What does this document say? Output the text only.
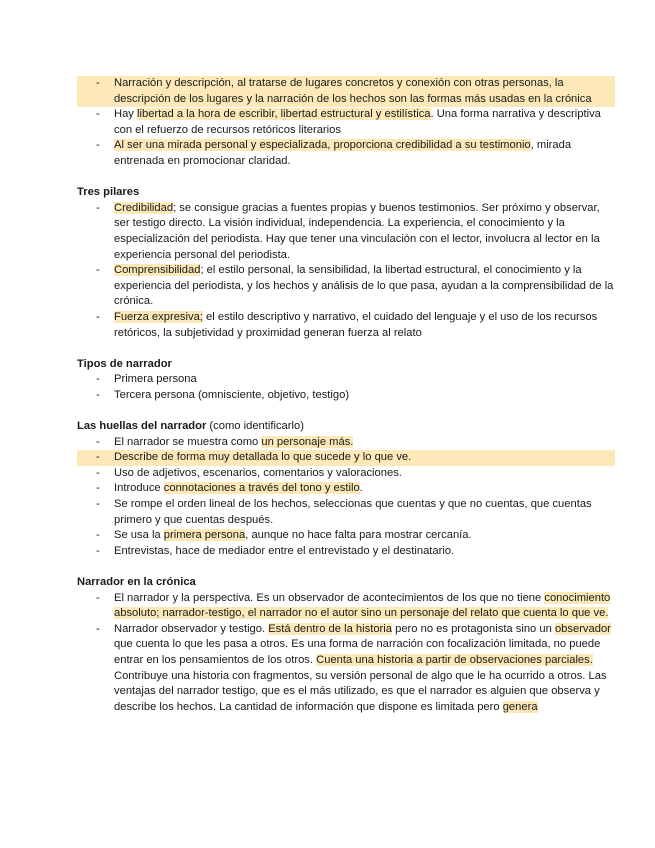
- Narración y descripción, al tratarse de lugares concretos y conexión con otras personas, la descripción de los lugares y la narración de los hechos son las formas más usadas en la crónica
- Hay libertad a la hora de escribir, libertad estructural y estilística. Una forma narrativa y descriptiva con el refuerzo de recursos retóricos literarios
- Al ser una mirada personal y especializada, proporciona credibilidad a su testimonio, mirada entrenada en promocionar claridad.
Tres pilares
- Credibilidad; se consigue gracias a fuentes propias y buenos testimonios. Ser próximo y observar, ser testigo directo. La visión individual, independencia. La experiencia, el conocimiento y la especialización del periodista. Hay que tener una vinculación con el lector, involucra al lector en la experiencia personal del periodista.
- Comprensibilidad; el estilo personal, la sensibilidad, la libertad estructural, el conocimiento y la experiencia del periodista, y los hechos y análisis de lo que pasa, ayudan a la comprensibilidad de la crónica.
- Fuerza expresiva; el estilo descriptivo y narrativo, el cuidado del lenguaje y el uso de los recursos retóricos, la subjetividad y proximidad generan fuerza al relato
Tipos de narrador
- Primera persona
- Tercera persona (omnisciente, objetivo, testigo)
Las huellas del narrador (como identificarlo)
- El narrador se muestra como un personaje más.
- Describe de forma muy detallada lo que sucede y lo que ve.
- Uso de adjetivos, escenarios, comentarios y valoraciones.
- Introduce connotaciones a través del tono y estilo.
- Se rompe el orden lineal de los hechos, seleccionas que cuentas y que no cuentas, que cuentas primero y que cuentas después.
- Se usa la primera persona, aunque no hace falta para mostrar cercanía.
- Entrevistas, hace de mediador entre el entrevistado y el destinatario.
Narrador en la crónica
- El narrador y la perspectiva. Es un observador de acontecimientos de los que no tiene conocimiento absoluto; narrador-testigo, el narrador no el autor sino un personaje del relato que cuenta lo que ve.
- Narrador observador y testigo. Está dentro de la historia pero no es protagonista sino un observador que cuenta lo que les pasa a otros. Es una forma de narración con focalización limitada, no puede entrar en los pensamientos de los otros. Cuenta una historia a partir de observaciones parciales. Contribuye una historia con fragmentos, su versión personal de algo que le ha ocurrido a otros. Las ventajas del narrador testigo, que es el más utilizado, es que el narrador es alguien que observa y describe los hechos. La cantidad de información que dispone es limitada pero genera
